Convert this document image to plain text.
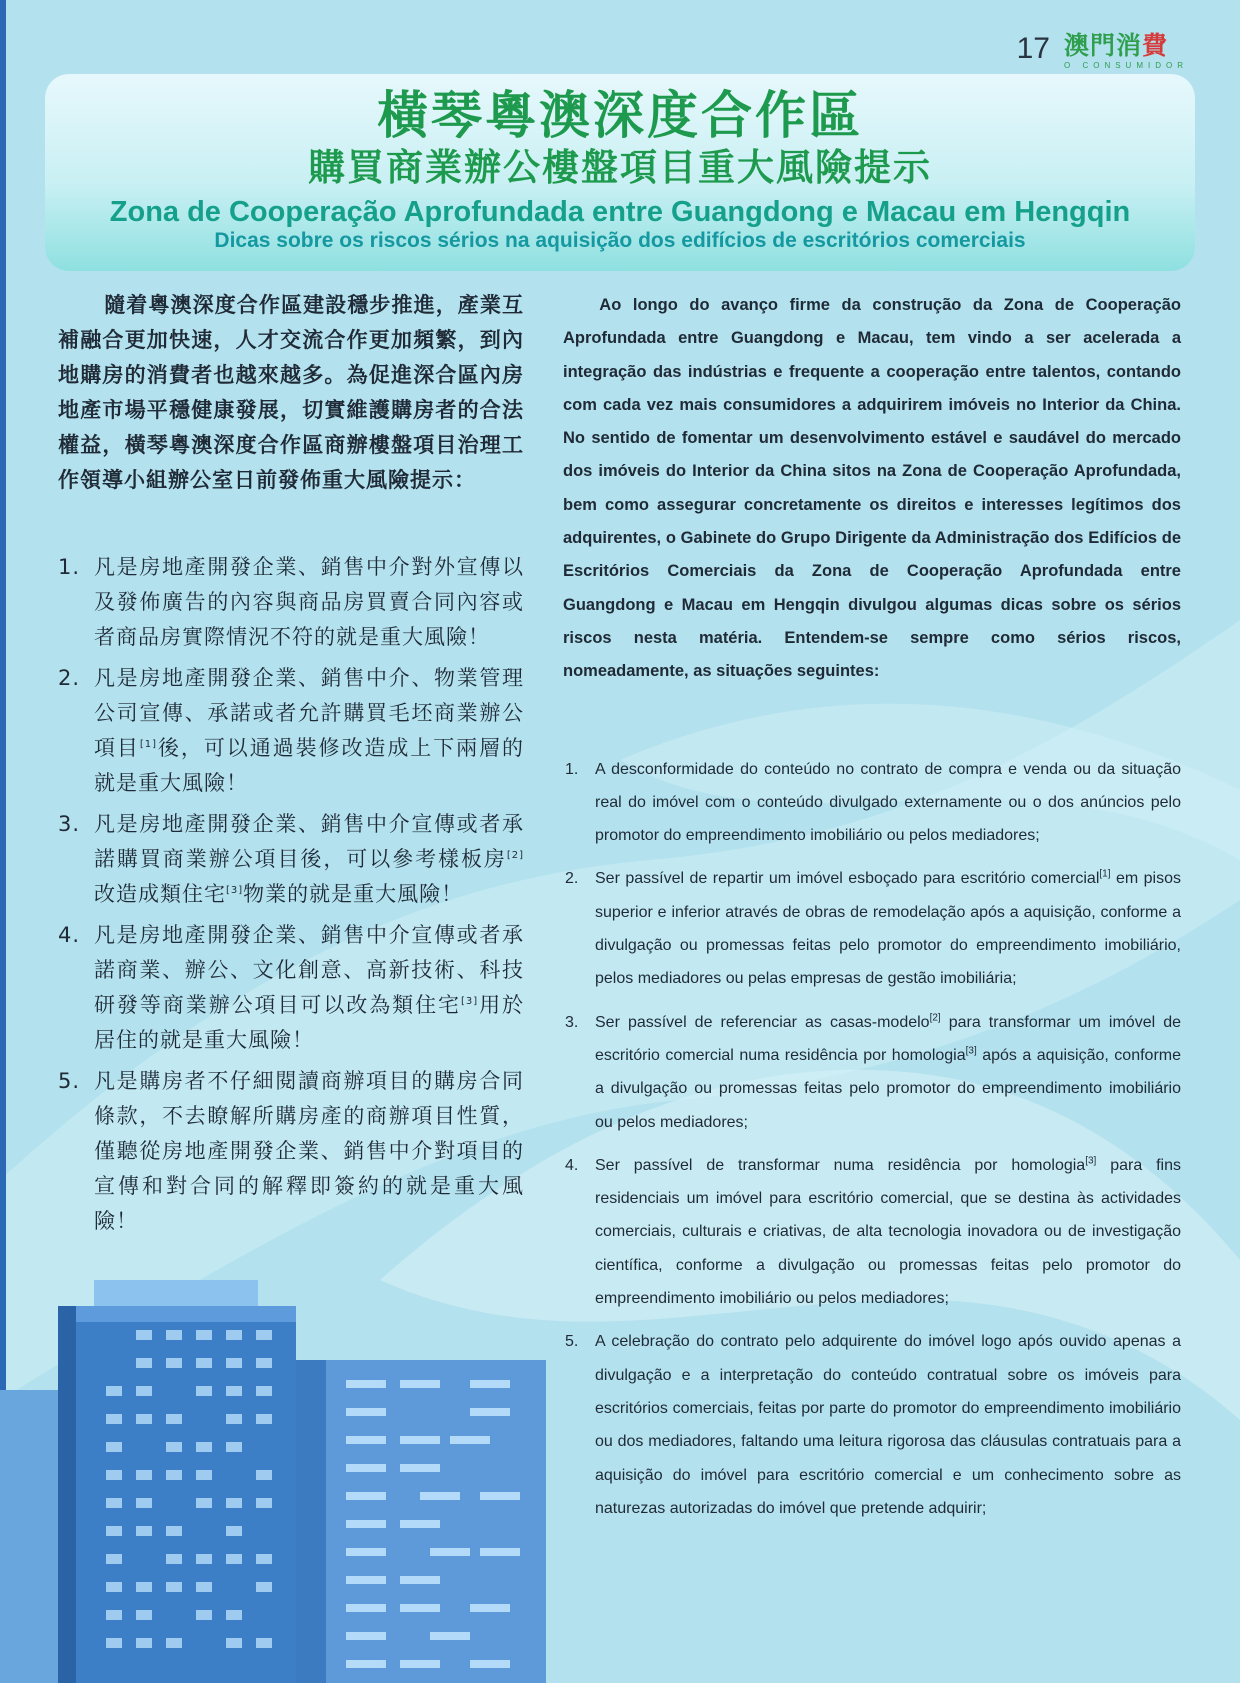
17 澳門消費
O CONSUMIDOR
橫琴粵澳深度合作區
購買商業辦公樓盤項目重大風險提示
Zona de Cooperação Aprofundada entre Guangdong e Macau em Hengqin
Dicas sobre os riscos sérios na aquisição dos edifícios de escritórios comerciais

隨着粵澳深度合作區建設穩步推進，產業互補融合更加快速，人才交流合作更加頻繁，到內地購房的消費者也越來越多。為促進深合區內房地產市場平穩健康發展，切實維護購房者的合法權益，橫琴粵澳深度合作區商辦樓盤項目治理工作領導小組辦公室日前發佈重大風險提示：

1. 凡是房地產開發企業、銷售中介對外宣傳以及發佈廣告的內容與商品房買賣合同內容或者商品房實際情況不符的就是重大風險！
2. 凡是房地產開發企業、銷售中介、物業管理公司宣傳、承諾或者允許購買毛坯商業辦公項目[1]後，可以通過裝修改造成上下兩層的就是重大風險！
3. 凡是房地產開發企業、銷售中介宣傳或者承諾購買商業辦公項目後，可以參考樣板房[2]改造成類住宅[3]物業的就是重大風險！
4. 凡是房地產開發企業、銷售中介宣傳或者承諾商業、辦公、文化創意、高新技術、科技研發等商業辦公項目可以改為類住宅[3]用於居住的就是重大風險！
5. 凡是購房者不仔細閱讀商辦項目的購房合同條款，不去瞭解所購房產的商辦項目性質，僅聽從房地產開發企業、銷售中介對項目的宣傳和對合同的解釋即簽約的就是重大風險！

Ao longo do avanço firme da construção da Zona de Cooperação Aprofundada entre Guangdong e Macau, tem vindo a ser acelerada a integração das indústrias e frequente a cooperação entre talentos, contando com cada vez mais consumidores a adquirirem imóveis no Interior da China. No sentido de fomentar um desenvolvimento estável e saudável do mercado dos imóveis do Interior da China sitos na Zona de Cooperação Aprofundada, bem como assegurar concretamente os direitos e interesses legítimos dos adquirentes, o Gabinete do Grupo Dirigente da Administração dos Edifícios de Escritórios Comerciais da Zona de Cooperação Aprofundada entre Guangdong e Macau em Hengqin divulgou algumas dicas sobre os sérios riscos nesta matéria. Entendem-se sempre como sérios riscos, nomeadamente, as situações seguintes:

1. A desconformidade do conteúdo no contrato de compra e venda ou da situação real do imóvel com o conteúdo divulgado externamente ou o dos anúncios pelo promotor do empreendimento imobiliário ou pelos mediadores;
2. Ser passível de repartir um imóvel esboçado para escritório comercial[1] em pisos superior e inferior através de obras de remodelação após a aquisição, conforme a divulgação ou promessas feitas pelo promotor do empreendimento imobiliário, pelos mediadores ou pelas empresas de gestão imobiliária;
3. Ser passível de referenciar as casas-modelo[2] para transformar um imóvel de escritório comercial numa residência por homologia[3] após a aquisição, conforme a divulgação ou promessas feitas pelo promotor do empreendimento imobiliário ou pelos mediadores;
4. Ser passível de transformar numa residência por homologia[3] para fins residenciais um imóvel para escritório comercial, que se destina às actividades comerciais, culturais e criativas, de alta tecnologia inovadora ou de investigação científica, conforme a divulgação ou promessas feitas pelo promotor do empreendimento imobiliário ou pelos mediadores;
5. A celebração do contrato pelo adquirente do imóvel logo após ouvido apenas a divulgação e a interpretação do conteúdo contratual sobre os imóveis para escritórios comerciais, feitas por parte do promotor do empreendimento imobiliário ou dos mediadores, faltando uma leitura rigorosa das cláusulas contratuais para a aquisição do imóvel para escritório comercial e um conhecimento sobre as naturezas autorizadas do imóvel que pretende adquirir;
